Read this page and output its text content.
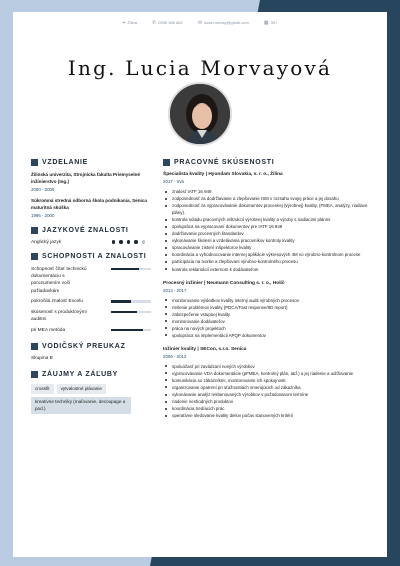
⌖ Žilina	✆ 0905 389 682	✉ lucia.morvay@gmail.com	▦ 35+
Ing. Lucia Morvayová
VZDELANIE
Žilinská univerzita, Strojnícka fakulta Priemyselné inžinierstvo (Ing.)
2000 - 2005
Súkromná stredná odborná škola podnikania, Senica maturitná skúška
1996 - 2000
JAZYKOVÉ ZNALOSTI
Anglický jazyk
SCHOPNOSTI A ZNALOSTI
Schopnosť čítať technickú dokumentáciu s porozumením voči požiadavkám
pokročilá znalosť Excelu
skúsenosť s produktovými auditmi
pri MEA metóda
VODIČSKÝ PREUKAZ
Skupina B
ZÁUJMY A ZÁĽUBY
crossfit	vytvalostné plávanie
kreatívne techniky (maľovanie, decoupage a pod.)
PRACOVNÉ SKÚSENOSTI
Špecialista kvality | Hyundam Slovakia, s. r. o., Žilina
2017 - trvá
znalosť IATF 16 949
zodpovednosť za dodržiavanie a zlepšovanie ISM v rozsahu svojej práce a jej dosahu
zodpovednosť za vypracovávanie dokumentov procesnej (výrobnej) kvality, (FMEA, analýzy, riadiace plány).
kontrola súladu pracovných inštrukcií výrobnej kvality a výroby s riadiacimi plánmi
spolupráca na vypracovaní dokumentov pre IATF 16 949
dodržiavanie procesných štandardov
vykonávanie školení a vzdelávania pracovníkov kontroly kvality
spracovávanie zistení inšpektorov kvality
koordinácia a vyhodnocovanie internej aplikácie výkresových 4M vo výrobno-kontrolnom procese
participácia na tvorbe a zlepšovaní výrobno-kontrolného procesu
kontrola reklamácií externom k dodávateľom
Procesný inžinier | Neumann Consulting s. r. o., Holíč
2014 - 2017
monitorovanie výsledkov kvality interný audit výrobných procesov
riešenie problémov kvality (PDCA/Fast response/8D report)
zabezpečenie vstupnej kvality
monitorovanie dodávateľov
práca na nových projektoch
spolupráca na implementácii APQP dokumentov
Inžinier kvality | SECon, s.r.o. Senica
2006 - 2012
spoluúčasť pri zavádzaní nových výrobkov
vypracovávanie VDA dokumentácie (pFMEA, kontrolný plán, atď.) a jej riadenie a udržiavanie
komunikácia so zákazníkmi, monitorovanie ich spokojnosti
organizovanie opatrení pri sťažnostiach smerujúcich od zákazníka
vykonávanie analýz reklamovaných výrobkov v požadovanom termíne
riadenie neshodných produktov
koordinácia tredíacich prác
operatívne sledovanie kvality dielov počas stanovených kritérií
